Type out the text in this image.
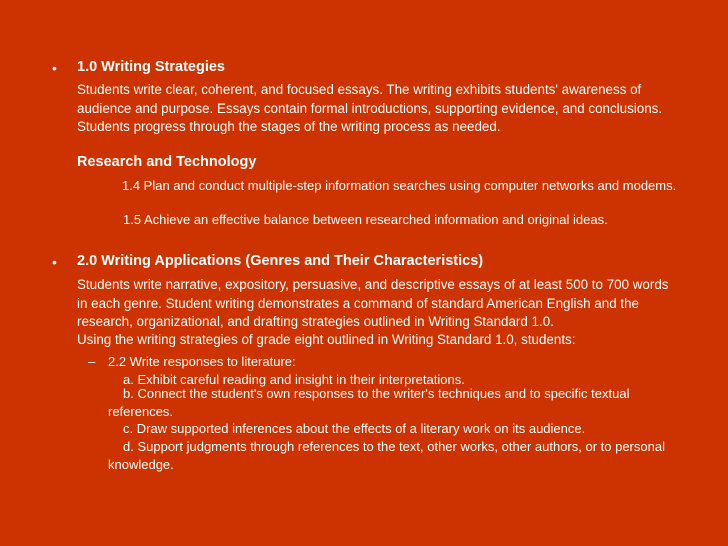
• 1.0 Writing Strategies
Students write clear, coherent, and focused essays. The writing exhibits students' awareness of audience and purpose. Essays contain formal introductions, supporting evidence, and conclusions. Students progress through the stages of the writing process as needed.
Research and Technology
1.4 Plan and conduct multiple-step information searches using computer networks and modems.
1.5 Achieve an effective balance between researched information and original ideas.
• 2.0 Writing Applications (Genres and Their Characteristics)
Students write narrative, expository, persuasive, and descriptive essays of at least 500 to 700 words in each genre. Student writing demonstrates a command of standard American English and the research, organizational, and drafting strategies outlined in Writing Standard 1.0.
Using the writing strategies of grade eight outlined in Writing Standard 1.0, students:
– 2.2 Write responses to literature:
a. Exhibit careful reading and insight in their interpretations.
b. Connect the student's own responses to the writer's techniques and to specific textual references.
c. Draw supported inferences about the effects of a literary work on its audience.
d. Support judgments through references to the text, other works, other authors, or to personal knowledge.
